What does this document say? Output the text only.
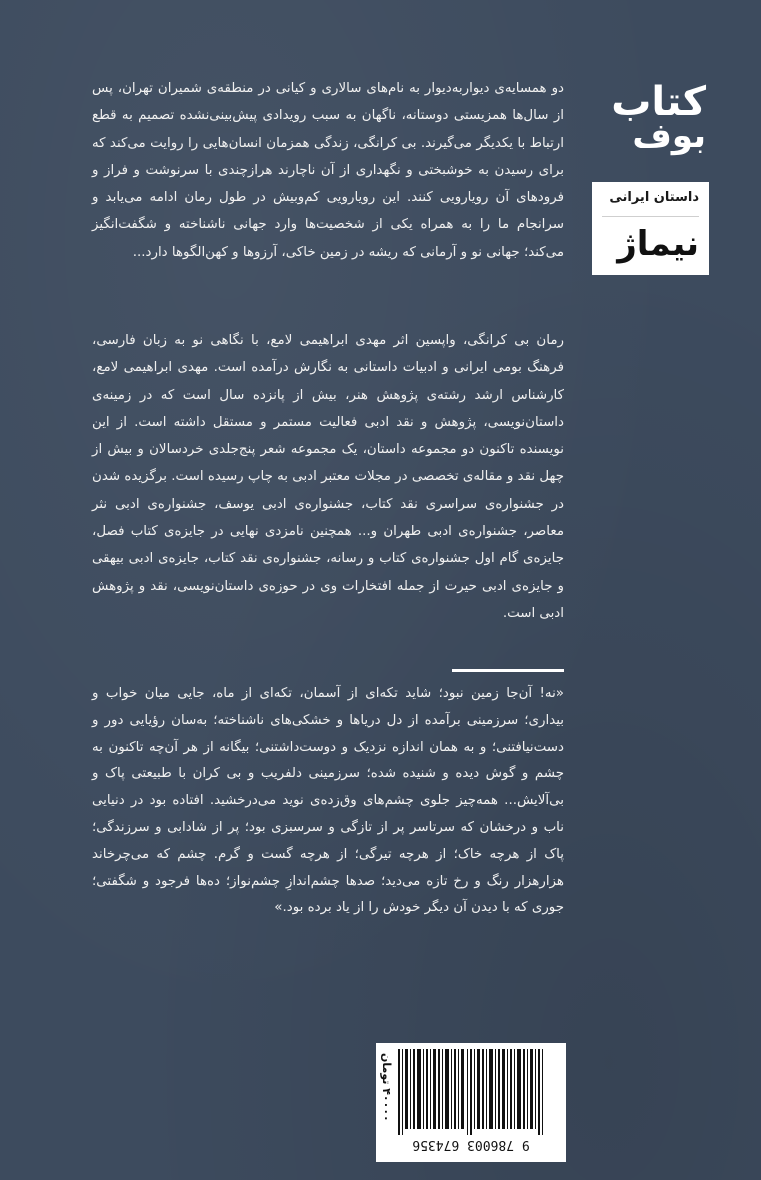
کتاب
بوف
داستان ایرانی
نیماژ
دو همسایه‌ی دیواربه‌دیوار به نام‌های سالاری و کیانی در منطقه‌ی شمیران تهران، پس از سال‌ها همزیستی دوستانه، ناگهان به سبب رویدادی پیش‌بینی‌نشده تصمیم به قطع ارتباط با یکدیگر می‌گیرند. بی کرانگی، زندگی همزمان انسان‌هایی را روایت می‌کند که برای رسیدن به خوشبختی و نگهداری از آن ناچارند هرازچندی با سرنوشت و فراز و فرودهای آن رویارویی کنند. این رویارویی کم‌وبیش در طول رمان ادامه می‌یابد و سرانجام ما را به همراه یکی از شخصیت‌ها وارد جهانی ناشناخته و شگفت‌انگیز می‌کند؛ جهانی نو و آرمانی که ریشه در زمین خاکی، آرزوها و کهن‌الگوها دارد...
رمان بی کرانگی، واپسین اثر مهدی ابراهیمی لامع، با نگاهی نو به زبان فارسی، فرهنگ بومی ایرانی و ادبیات داستانی به نگارش درآمده است. مهدی ابراهیمی لامع، کارشناس ارشد رشته‌ی پژوهش هنر، بیش از پانزده سال است که در زمینه‌ی داستان‌نویسی، پژوهش و نقد ادبی فعالیت مستمر و مستقل داشته است. از این نویسنده تاکنون دو مجموعه داستان، یک مجموعه شعر پنج‌جلدی خردسالان و بیش از چهل نقد و مقاله‌ی تخصصی در مجلات معتبر ادبی به چاپ رسیده است. برگزیده شدن در جشنواره‌ی سراسری نقد کتاب، جشنواره‌ی ادبی یوسف، جشنواره‌ی ادبی نثر معاصر، جشنواره‌ی ادبی طهران و... همچنین نامزدی نهایی در جایزه‌ی کتاب فصل، جایزه‌ی گام اول جشنواره‌ی کتاب و رسانه، جشنواره‌ی نقد کتاب، جایزه‌ی ادبی بیهقی و جایزه‌ی ادبی حیرت از جمله افتخارات وی در حوزه‌ی داستان‌نویسی، نقد و پژوهش ادبی است.
«نه! آن‌جا زمین نبود؛ شاید تکه‌ای از آسمان، تکه‌ای از ماه، جایی میان خواب و بیداری؛ سرزمینی برآمده از دل دریاها و خشکی‌های ناشناخته؛ به‌سان رؤیایی دور و دست‌نیافتنی؛ و به همان اندازه نزدیک و دوست‌داشتنی؛ بیگانه از هر آن‌چه تاکنون به چشم و گوش دیده و شنیده شده؛ سرزمینی دلفریب و بی کران با طبیعتی پاک و بی‌آلایش... همه‌چیز جلوی چشم‌های وق‌زده‌ی نوید می‌درخشید. افتاده بود در دنیایی ناب و درخشان که سرتاسر پر از تازگی و سرسبزی بود؛ پر از شادابی و سرزندگی؛ پاک از هرچه خاک؛ از هرچه تیرگی؛ از هرچه گست و گرم. چشم که می‌چرخاند هزارهزار رنگ و رخ تازه می‌دید؛ صدها چشم‌اندازِ چشم‌نواز؛ ده‌ها فرجود و شگفتی؛ جوری که با دیدن آن دیگر خودش را از یاد برده بود.»
۴۰۰۰۰ تومان
9 786003 674356
